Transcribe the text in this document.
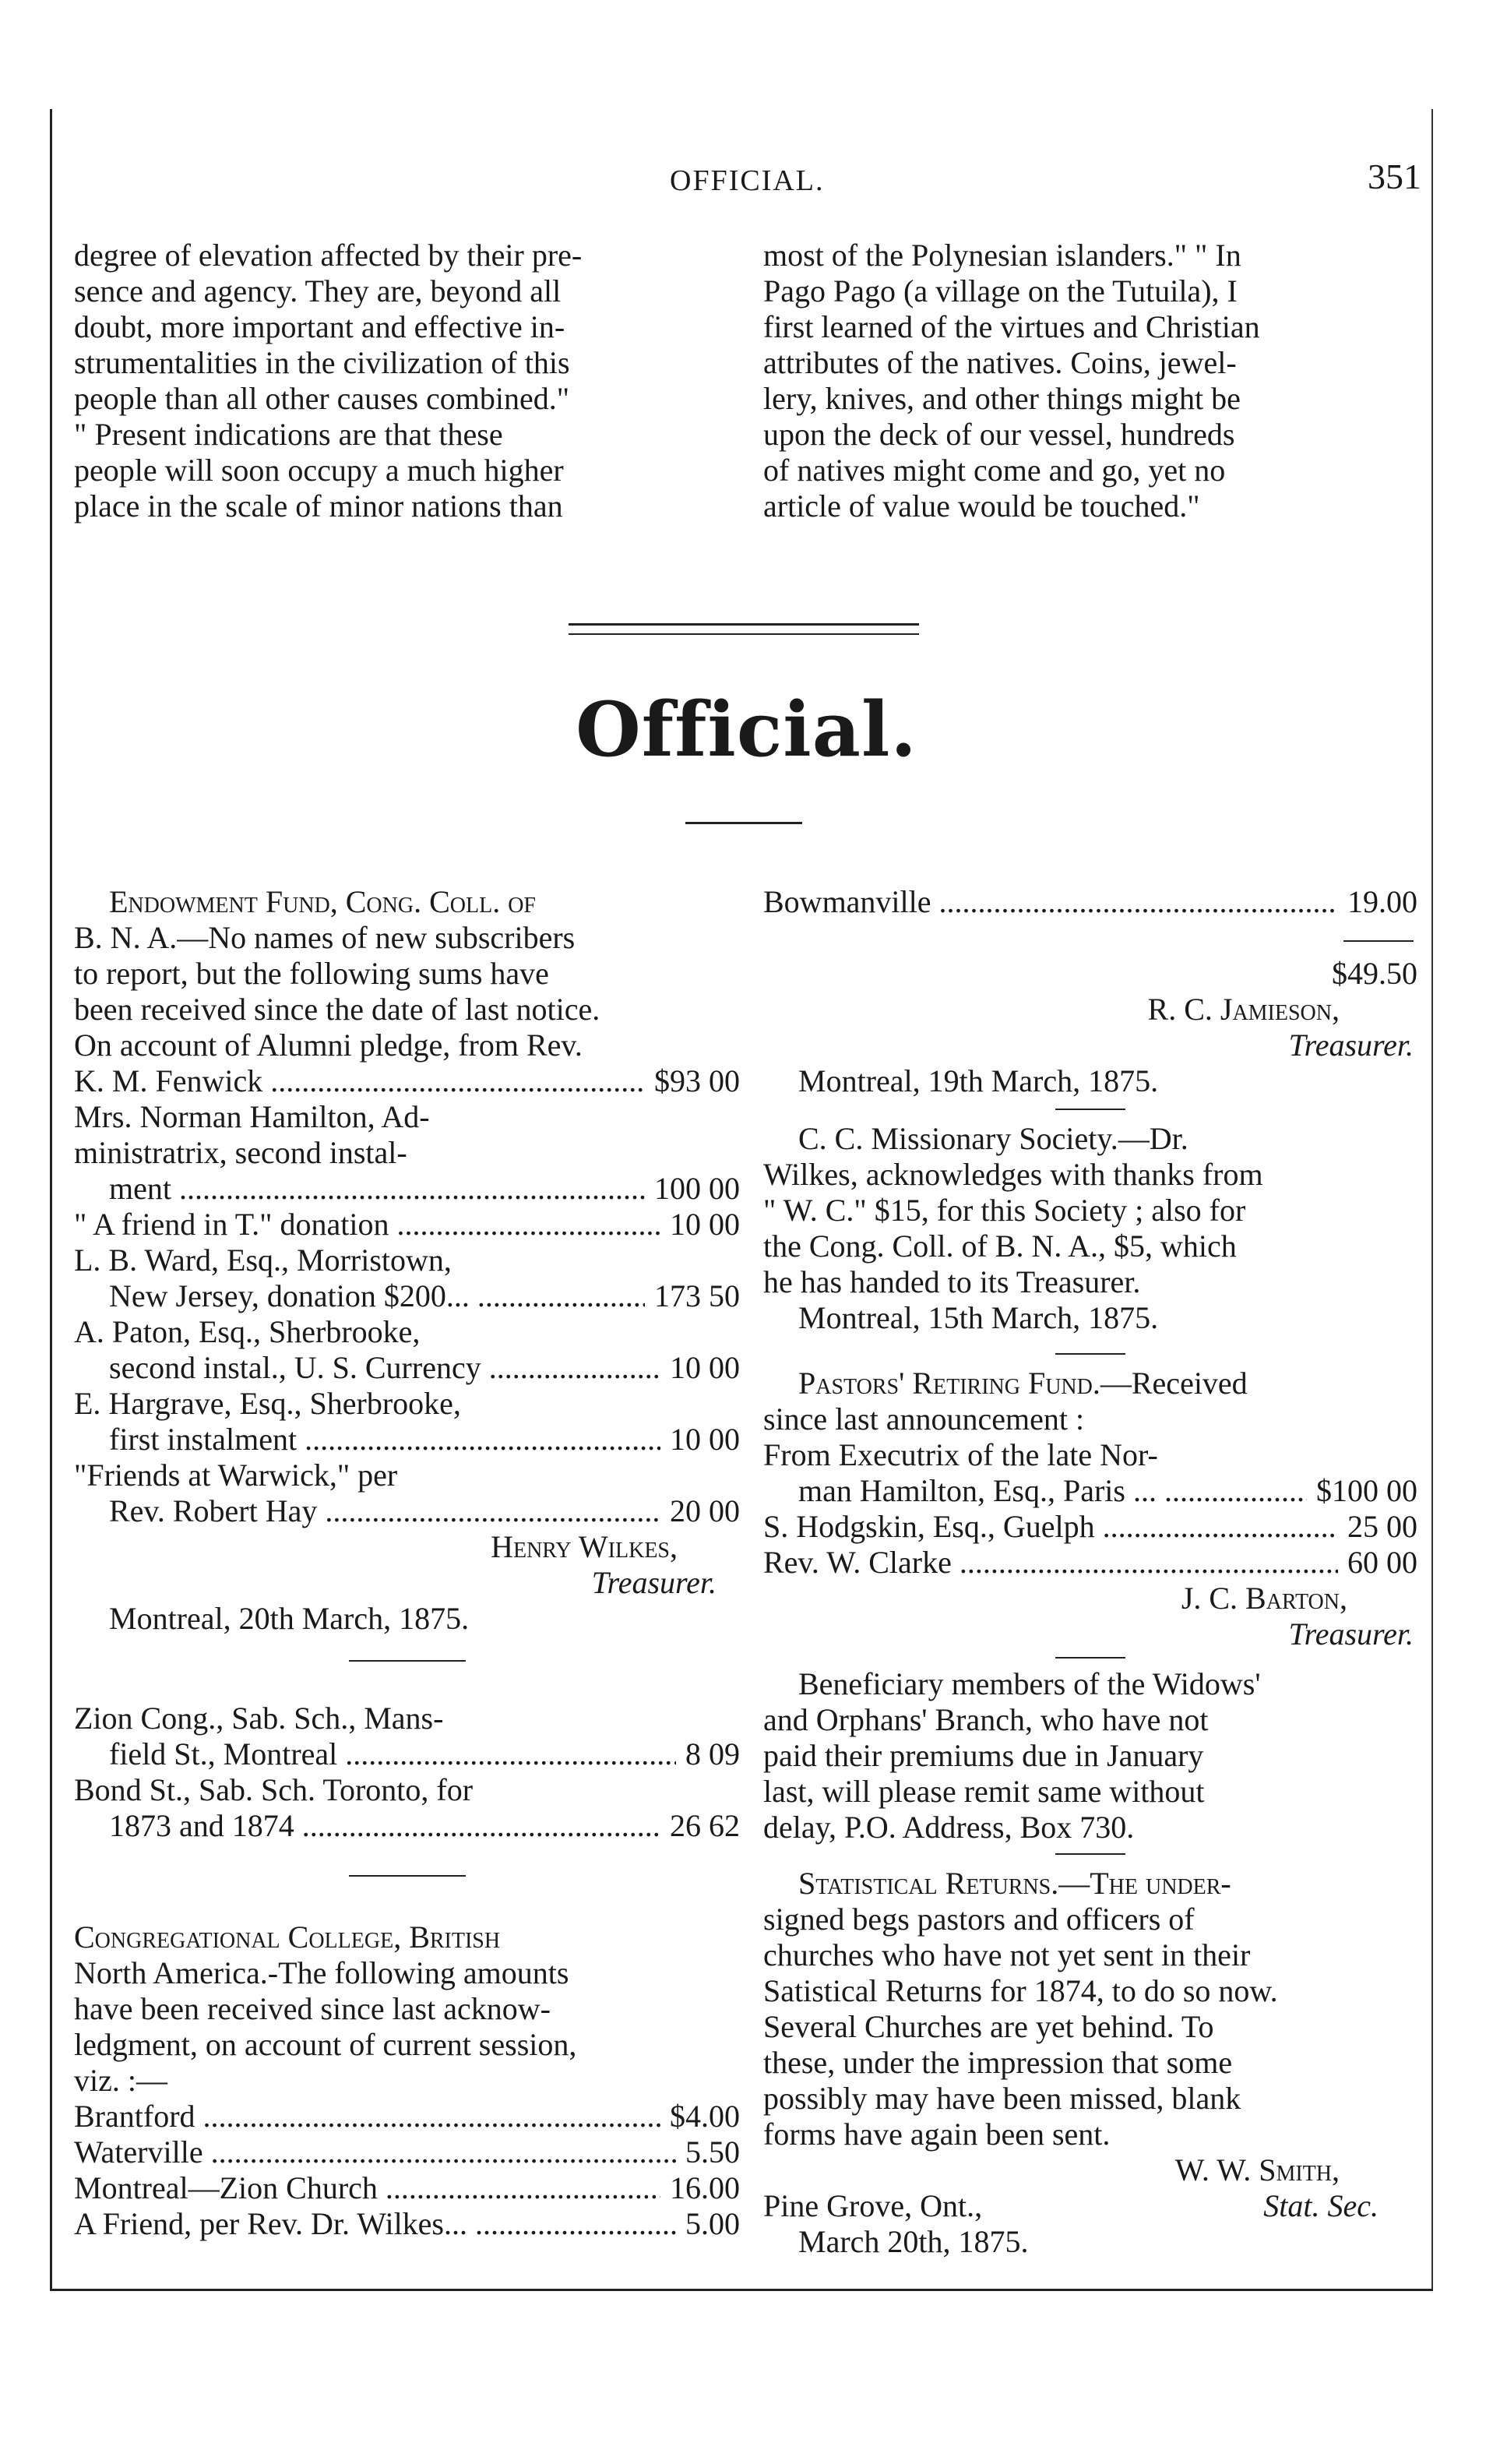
OFFICIAL.	351
degree of elevation affected by their pre-
sence and agency. They are, beyond all
doubt, more important and effective in-
strumentalities in the civilization of this
people than all other causes combined."
" Present indications are that these
people will soon occupy a much higher
place in the scale of minor nations than
most of the Polynesian islanders." " In
Pago Pago (a village on the Tutuila), I
first learned of the virtues and Christian
attributes of the natives. Coins, jewel-
lery, knives, and other things might be
upon the deck of our vessel, hundreds
of natives might come and go, yet no
article of value would be touched."
Official.
Endowment Fund, Cong. Coll. of
B. N. A.—No names of new subscribers
to report, but the following sums have
been received since the date of last notice.
On account of Alumni pledge, from Rev.
K. M. Fenwick .....	$93 00
Mrs. Norman Hamilton, Ad-
ministratrix, second instal-
ment .....	100 00
" A friend in T." donation .....	10 00
L. B. Ward, Esq., Morristown,
New Jersey, donation $200... .....	173 50
A. Paton, Esq., Sherbrooke,
second instal., U. S. Currency .....	10 00
E. Hargrave, Esq., Sherbrooke,
first instalment .....	10 00
"Friends at Warwick," per
Rev. Robert Hay .....	20 00
Henry Wilkes,
Treasurer.
Montreal, 20th March, 1875.
Zion Cong., Sab. Sch., Mans-
field St., Montreal .....	8 09
Bond St., Sab. Sch. Toronto, for
1873 and 1874 .....	26 62
Congregational College, British
North America.-The following amounts
have been received since last acknow-
ledgment, on account of current session,
viz. :—
Brantford .....	$4.00
Waterville .....	5.50
Montreal—Zion Church .....	16.00
A Friend, per Rev. Dr. Wilkes... .....	5.00
Bowmanville .....	19.00
$49.50
R. C. Jamieson,
Treasurer.
Montreal, 19th March, 1875.
C. C. Missionary Society.—Dr.
Wilkes, acknowledges with thanks from
" W. C." $15, for this Society ; also for
the Cong. Coll. of B. N. A., $5, which
he has handed to its Treasurer.
Montreal, 15th March, 1875.
Pastors' Retiring Fund.—Received
since last announcement :
From Executrix of the late Nor-
man Hamilton, Esq., Paris ... .....	$100 00
S. Hodgskin, Esq., Guelph .....	25 00
Rev. W. Clarke .....	60 00
J. C. Barton,
Treasurer.
Beneficiary members of the Widows'
and Orphans' Branch, who have not
paid their premiums due in January
last, will please remit same without
delay, P.O. Address, Box 730.
Statistical Returns.—The under-
signed begs pastors and officers of
churches who have not yet sent in their
Satistical Returns for 1874, to do so now.
Several Churches are yet behind. To
these, under the impression that some
possibly may have been missed, blank
forms have again been sent.
W. W. Smith,
Pine Grove, Ont.,	Stat. Sec.
March 20th, 1875.
